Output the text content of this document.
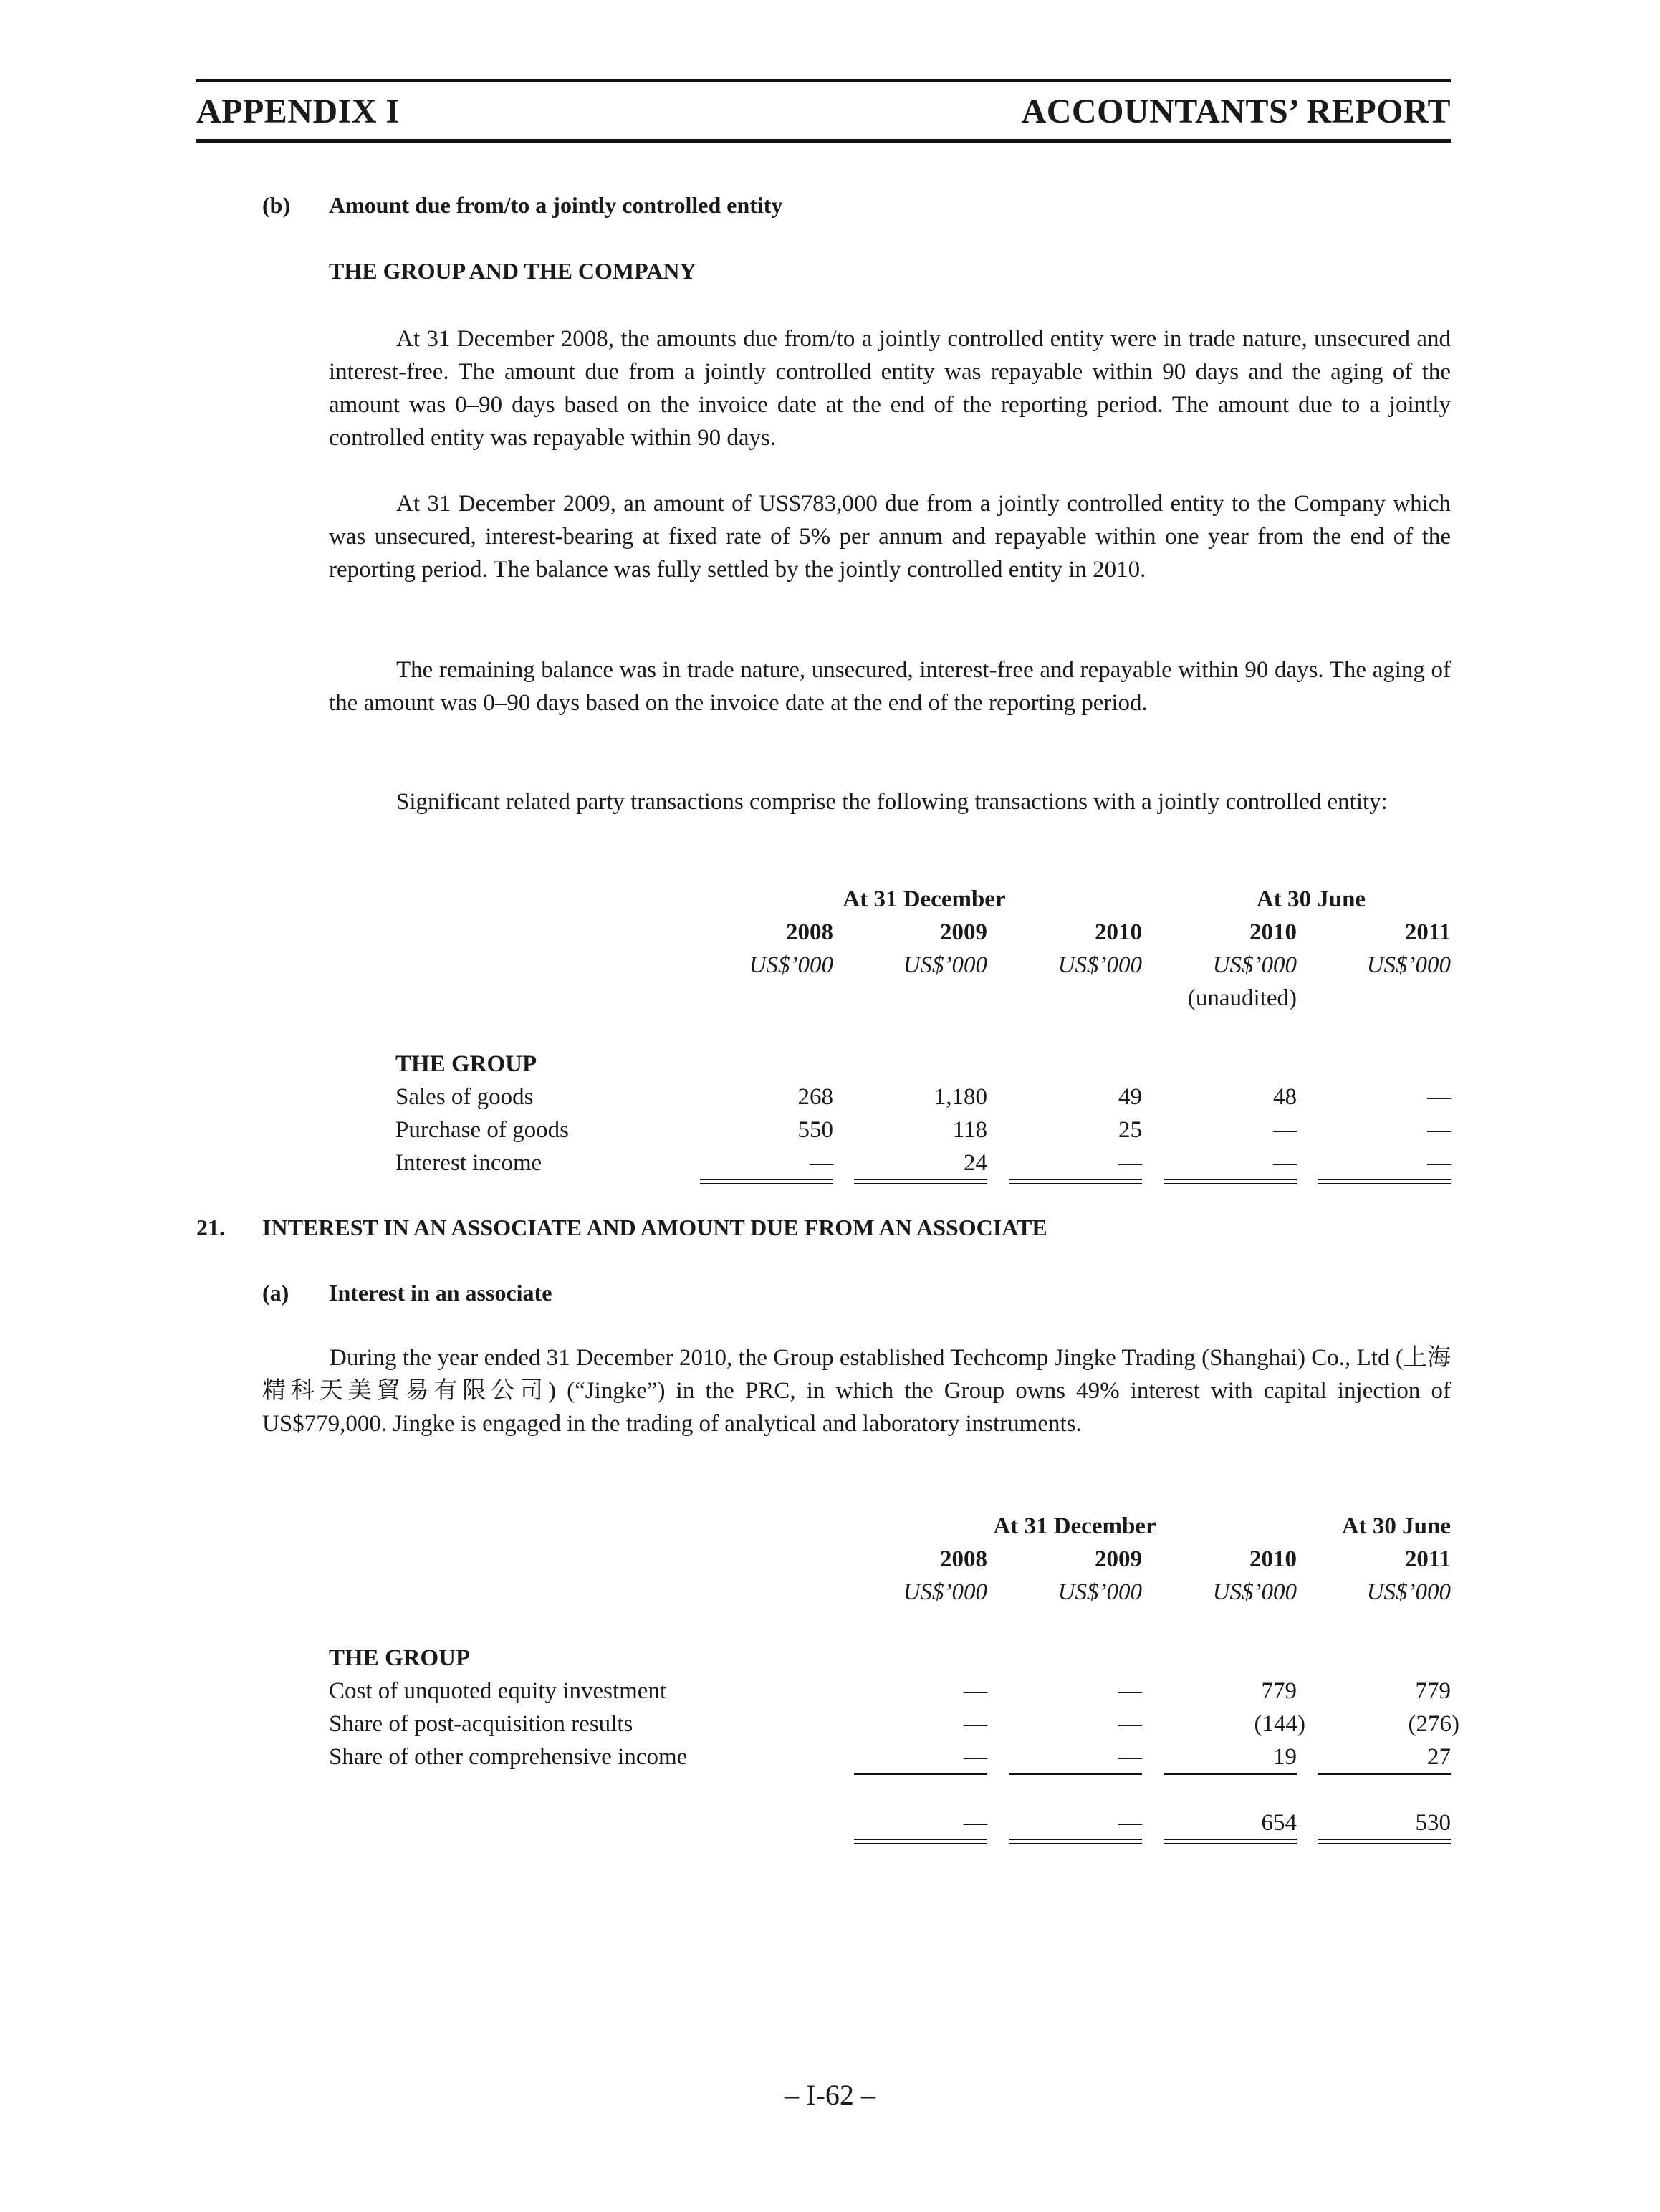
APPENDIX I	ACCOUNTANTS’ REPORT
(b) Amount due from/to a jointly controlled entity
THE GROUP AND THE COMPANY

At 31 December 2008, the amounts due from/to a jointly controlled entity were in trade nature, unsecured and interest-free. The amount due from a jointly controlled entity was repayable within 90 days and the aging of the amount was 0–90 days based on the invoice date at the end of the reporting period. The amount due to a jointly controlled entity was repayable within 90 days.

At 31 December 2009, an amount of US$783,000 due from a jointly controlled entity to the Company which was unsecured, interest-bearing at fixed rate of 5% per annum and repayable within one year from the end of the reporting period. The balance was fully settled by the jointly controlled entity in 2010.

The remaining balance was in trade nature, unsecured, interest-free and repayable within 90 days. The aging of the amount was 0–90 days based on the invoice date at the end of the reporting period.

Significant related party transactions comprise the following transactions with a jointly controlled entity:

At 31 December	At 30 June
2008	2009	2010	2010	2011
US$’000	US$’000	US$’000	US$’000	US$’000
(unaudited)
THE GROUP
Sales of goods	268	1,180	49	48	—
Purchase of goods	550	118	25	—	—
Interest income	—	24	—	—	—
21. INTEREST IN AN ASSOCIATE AND AMOUNT DUE FROM AN ASSOCIATE
(a) Interest in an associate

During the year ended 31 December 2010, the Group established Techcomp Jingke Trading (Shanghai) Co., Ltd (上海精科天美貿易有限公司) (“Jingke”) in the PRC, in which the Group owns 49% interest with capital injection of US$779,000. Jingke is engaged in the trading of analytical and laboratory instruments.

At 31 December	At 30 June
2008	2009	2010	2011
US$’000	US$’000	US$’000	US$’000
THE GROUP
Cost of unquoted equity investment	—	—	779	779
Share of post-acquisition results	—	—	(144)	(276)
Share of other comprehensive income	—	—	19	27
—	—	654	530
– I-62 –
